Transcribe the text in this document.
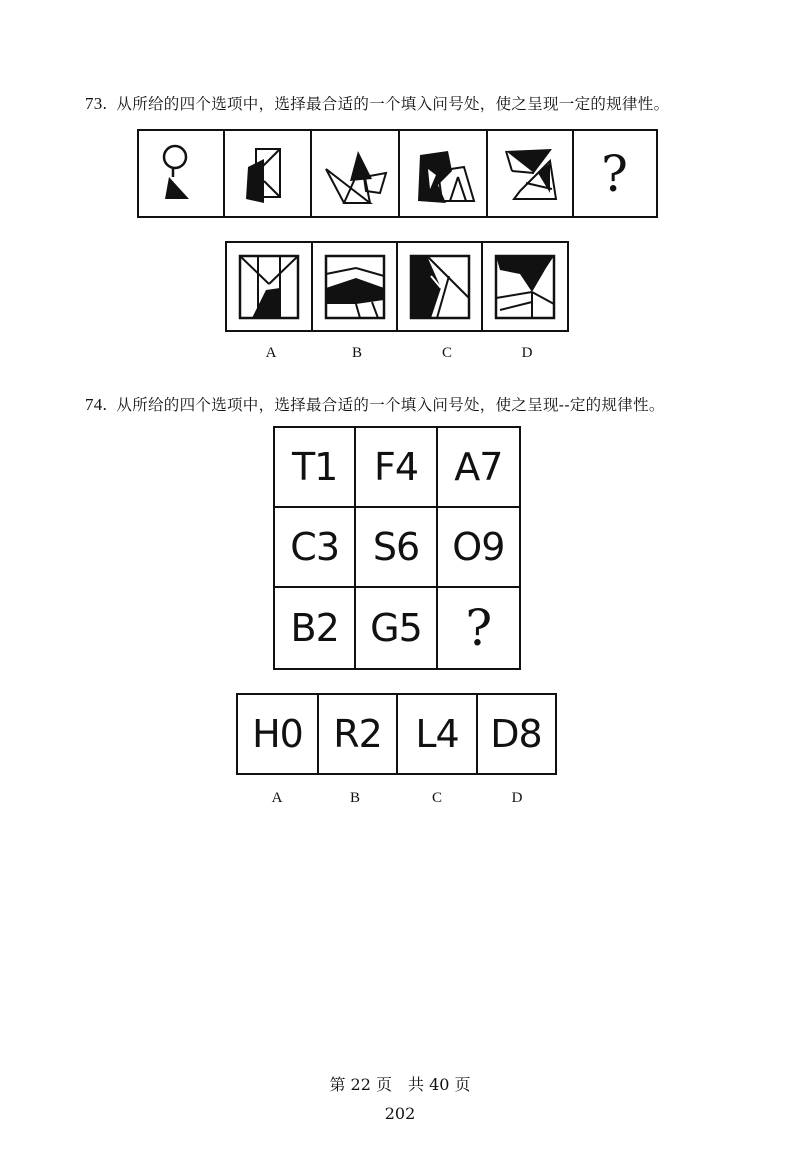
73. 从所给的四个选项中，选择最合适的一个填入问号处，使之呈现一定的规律性。
?
A	B	C	D
74. 从所给的四个选项中，选择最合适的一个填入问号处，使之呈现--定的规律性。
T1 F4 A7
C3 S6 O9
B2 G5 ?
H0 R2 L4 D8
A	B	C	D
第 22 页　共 40 页
202
